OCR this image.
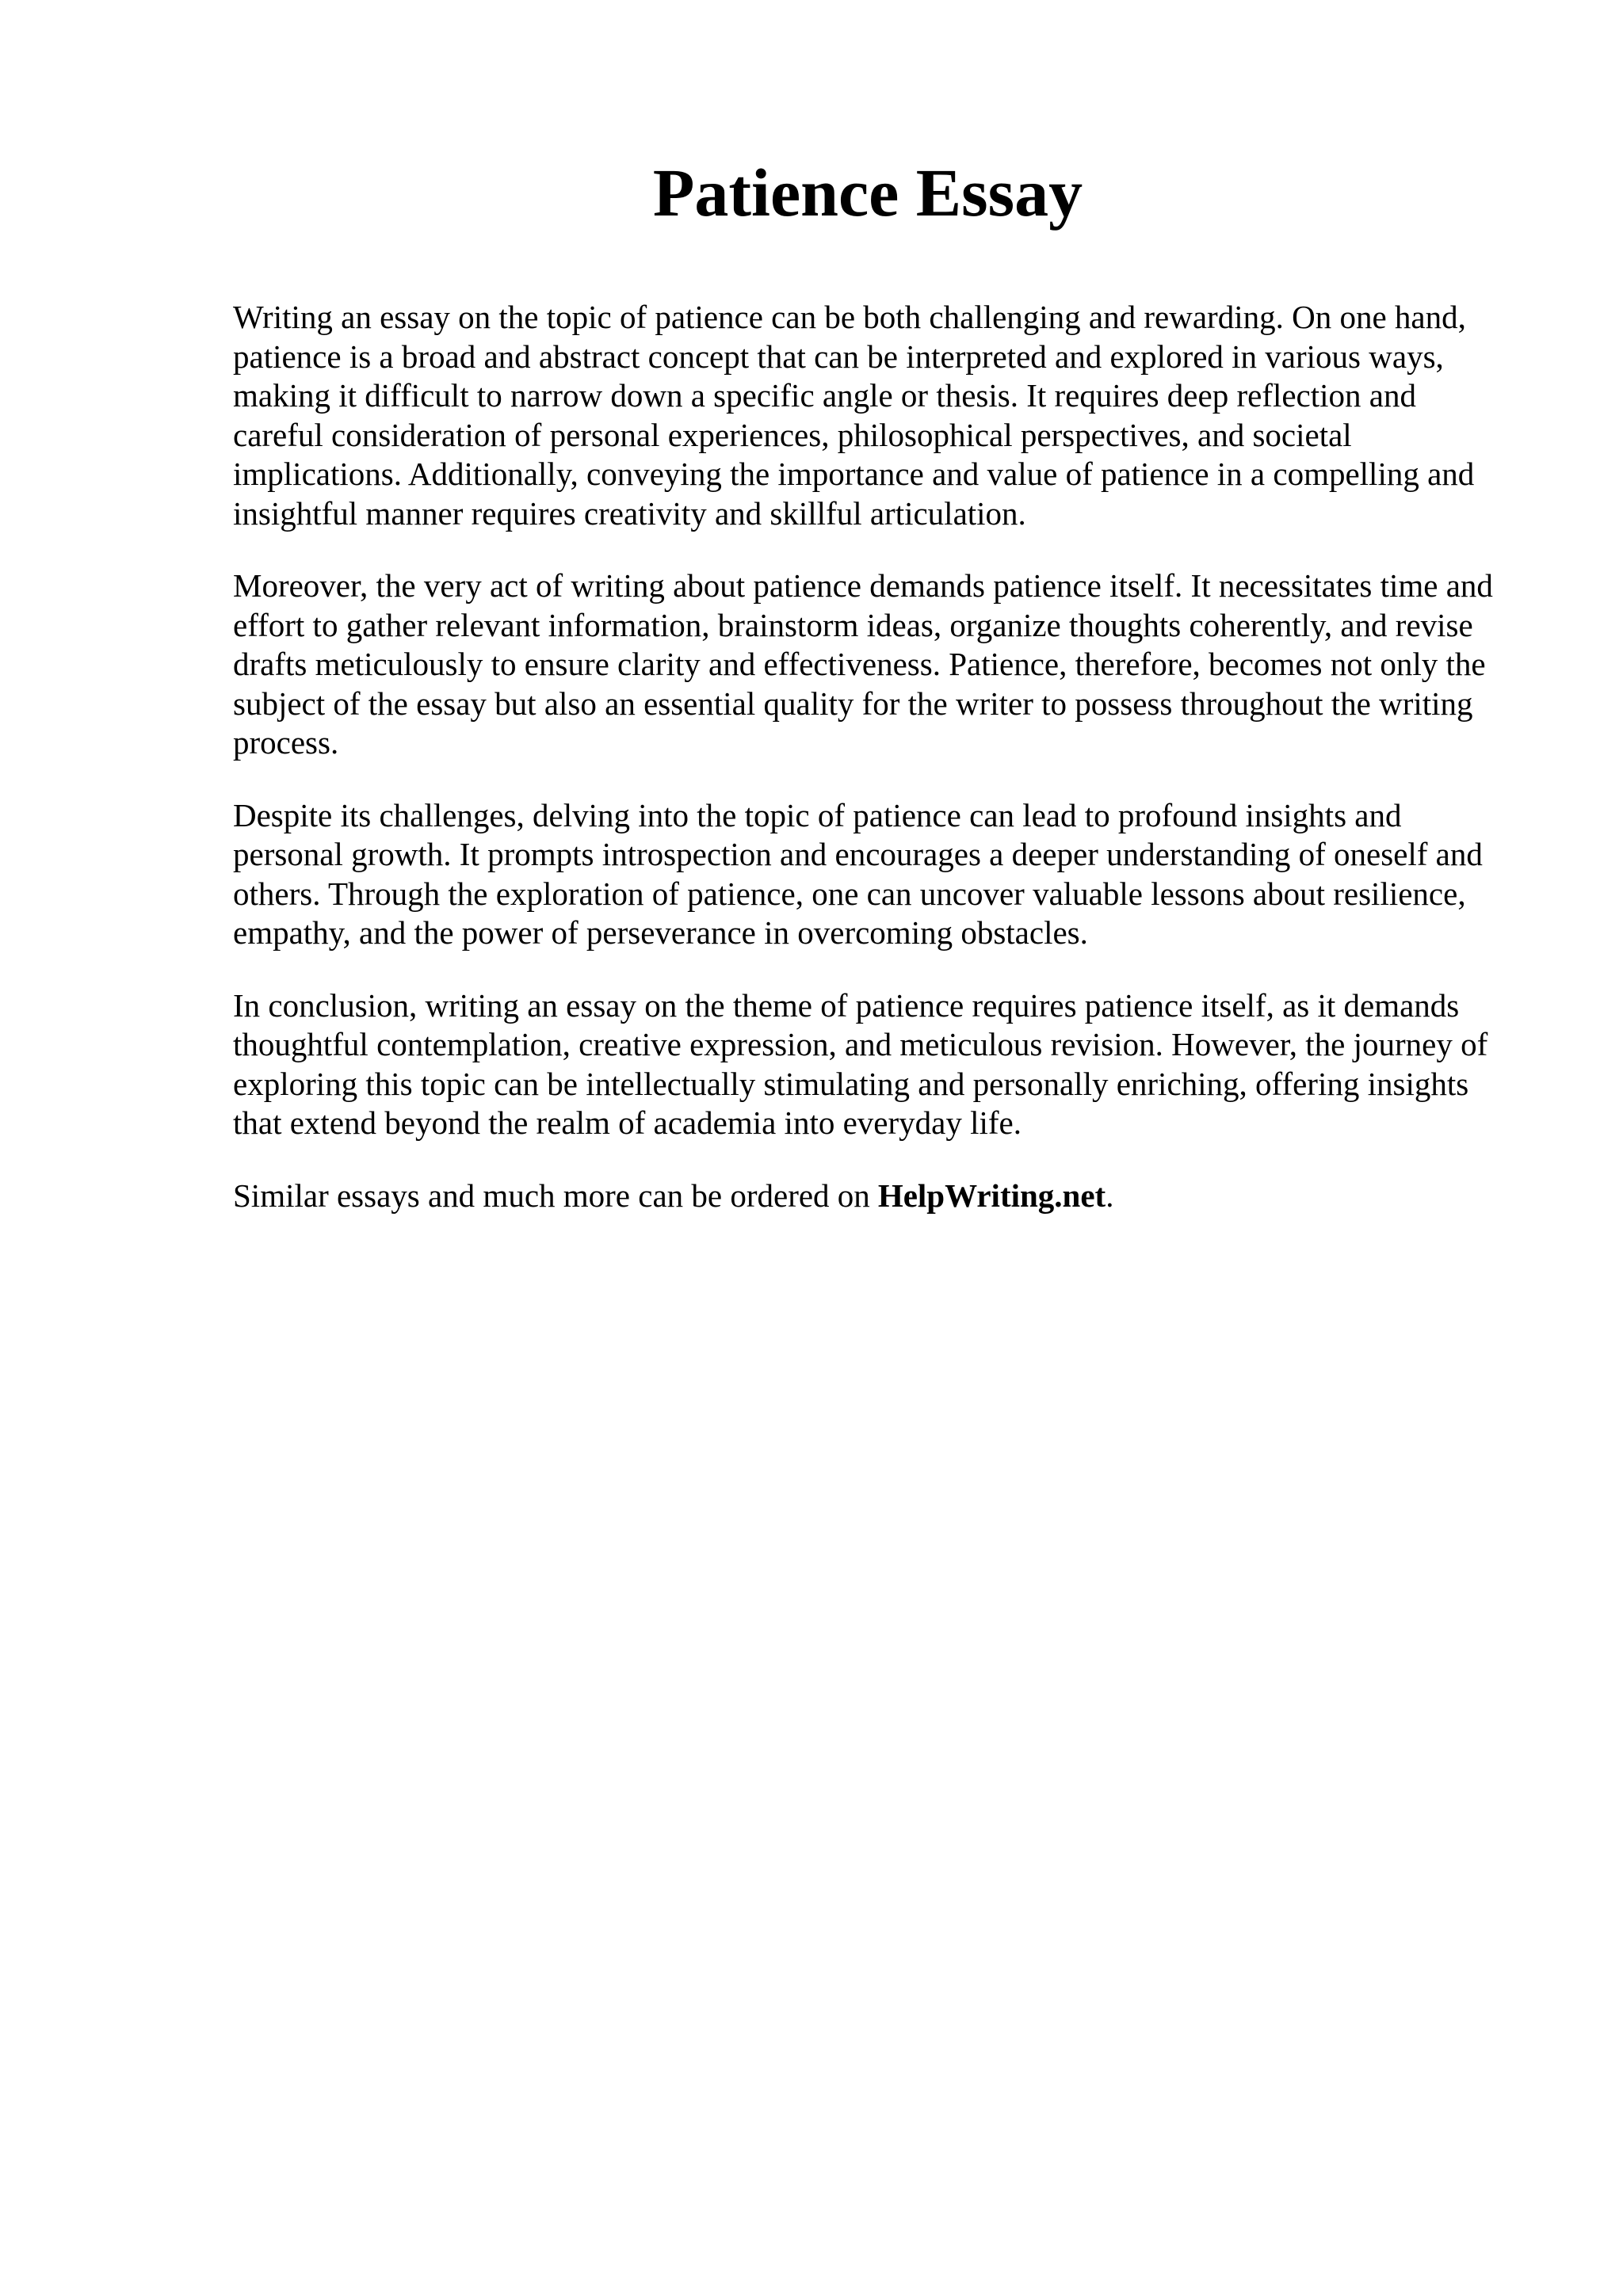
Patience Essay

Writing an essay on the topic of patience can be both challenging and rewarding. On one hand,
patience is a broad and abstract concept that can be interpreted and explored in various ways,
making it difficult to narrow down a specific angle or thesis. It requires deep reflection and
careful consideration of personal experiences, philosophical perspectives, and societal
implications. Additionally, conveying the importance and value of patience in a compelling and
insightful manner requires creativity and skillful articulation.

Moreover, the very act of writing about patience demands patience itself. It necessitates time and
effort to gather relevant information, brainstorm ideas, organize thoughts coherently, and revise
drafts meticulously to ensure clarity and effectiveness. Patience, therefore, becomes not only the
subject of the essay but also an essential quality for the writer to possess throughout the writing
process.

Despite its challenges, delving into the topic of patience can lead to profound insights and
personal growth. It prompts introspection and encourages a deeper understanding of oneself and
others. Through the exploration of patience, one can uncover valuable lessons about resilience,
empathy, and the power of perseverance in overcoming obstacles.

In conclusion, writing an essay on the theme of patience requires patience itself, as it demands
thoughtful contemplation, creative expression, and meticulous revision. However, the journey of
exploring this topic can be intellectually stimulating and personally enriching, offering insights
that extend beyond the realm of academia into everyday life.

Similar essays and much more can be ordered on HelpWriting.net.
